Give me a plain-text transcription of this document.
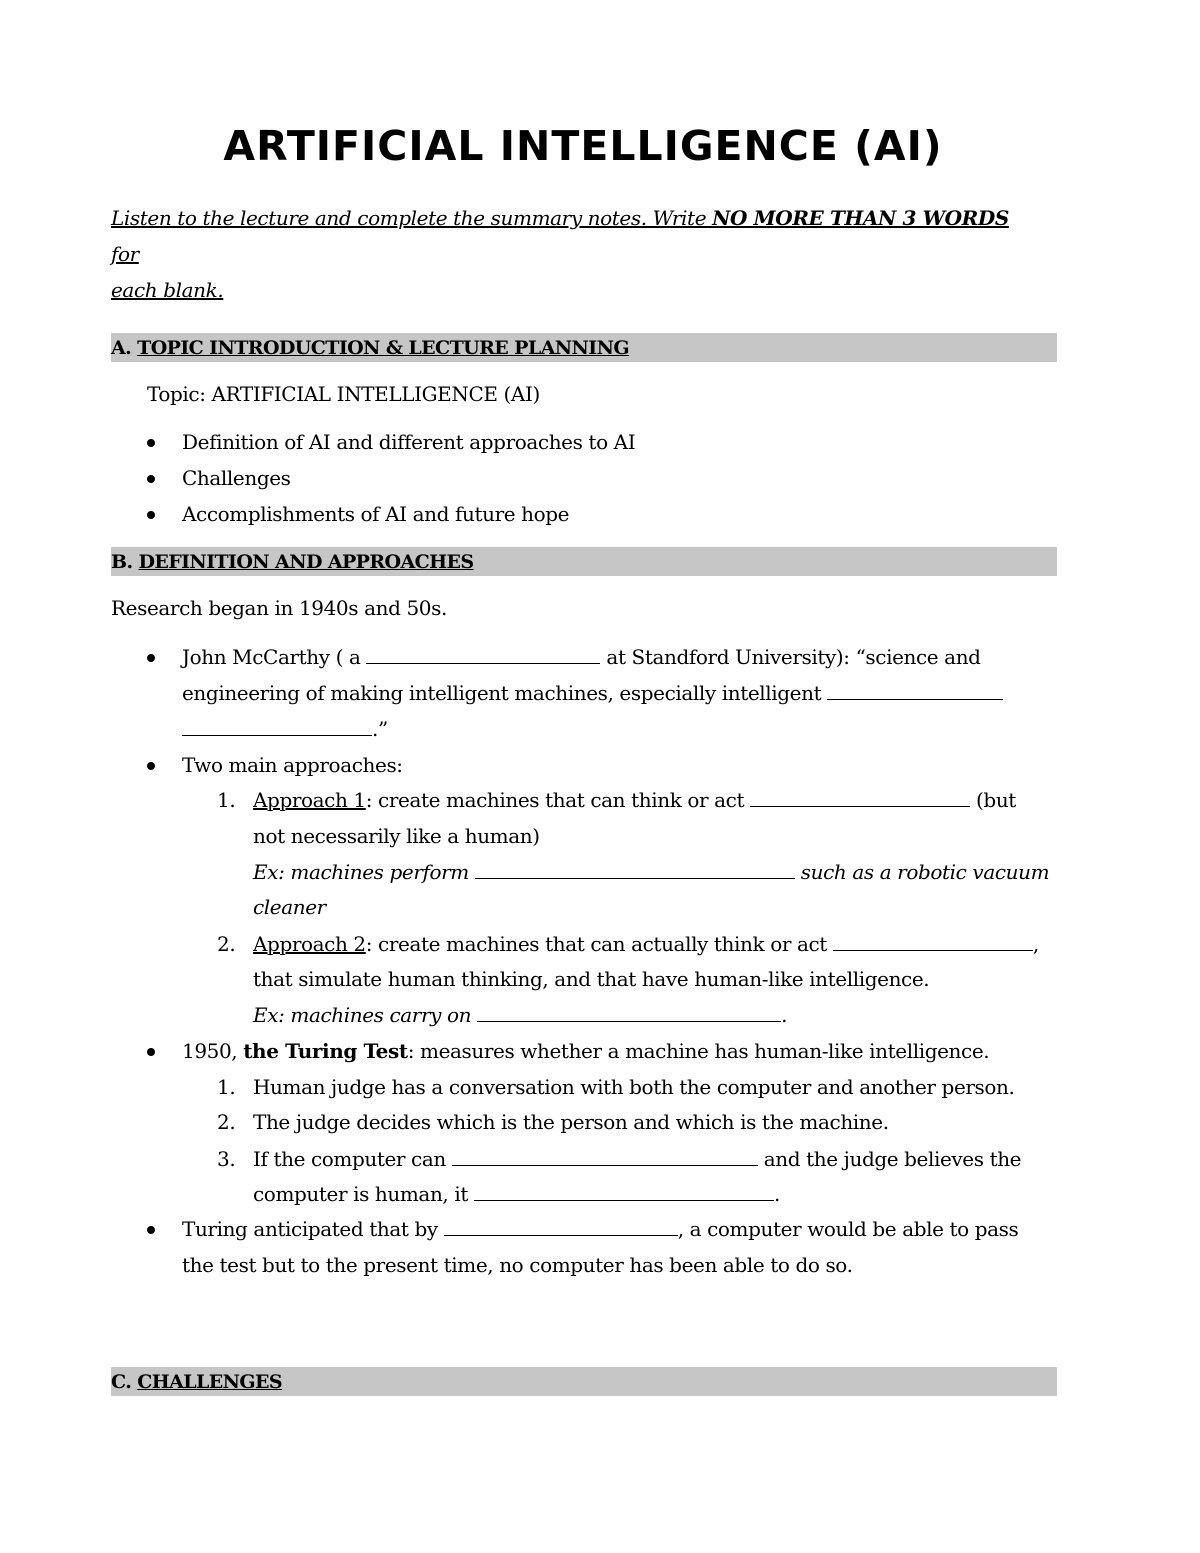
ARTIFICIAL INTELLIGENCE (AI)

Listen to the lecture and complete the summary notes. Write NO MORE THAN 3 WORDS for
each blank.

A. TOPIC INTRODUCTION & LECTURE PLANNING

Topic: ARTIFICIAL INTELLIGENCE (AI)

Definition of AI and different approaches to AI

Challenges

Accomplishments of AI and future hope

B. DEFINITION AND APPROACHES

Research began in 1940s and 50s.

John McCarthy ( a	at Standford University): “science and

engineering of making intelligent machines, especially intelligent

.”

Two main approaches:

1. Approach 1: create machines that can think or act	(but

not necessarily like a human)

Ex: machines perform	such as a robotic vacuum

cleaner

2. Approach 2: create machines that can actually think or act	,

that simulate human thinking, and that have human-like intelligence.

Ex: machines carry on	.

1950, the Turing Test: measures whether a machine has human-like intelligence.

1. Human judge has a conversation with both the computer and another person.

2. The judge decides which is the person and which is the machine.

3. If the computer can	and the judge believes the

computer is human, it	.

Turing anticipated that by	, a computer would be able to pass

the test but to the present time, no computer has been able to do so.

C. CHALLENGES
